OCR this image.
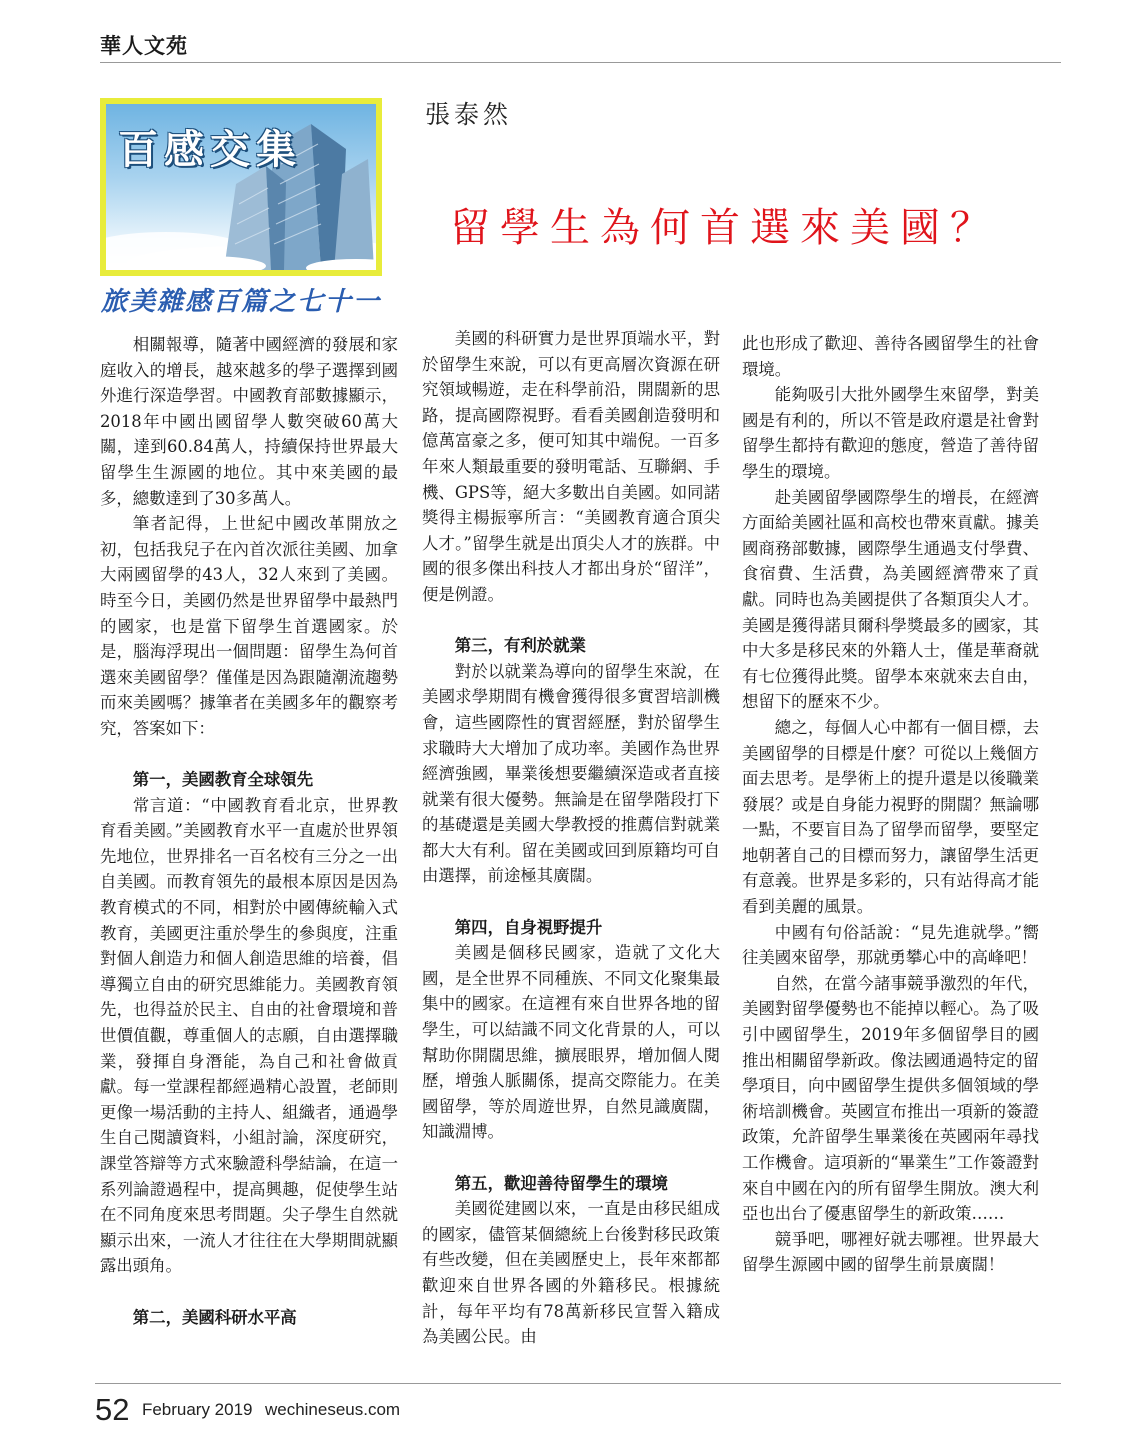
華人文苑
百感交集
旅美雜感百篇之七十一
張泰然
留學生為何首選來美國？

相關報導，隨著中國經濟的發展和家庭收入的增長，越來越多的學子選擇到國外進行深造學習。中國教育部數據顯示，2018年中國出國留學人數突破60萬大關，達到60.84萬人，持續保持世界最大留學生生源國的地位。其中來美國的最多，總數達到了30多萬人。

筆者記得，上世紀中國改革開放之初，包括我兒子在內首次派往美國、加拿大兩國留學的43人，32人來到了美國。時至今日，美國仍然是世界留學中最熱門的國家，也是當下留學生首選國家。於是，腦海浮現出一個問題：留學生為何首選來美國留學？僅僅是因為跟隨潮流趨勢而來美國嗎？據筆者在美國多年的觀察考究，答案如下：

第一，美國教育全球領先

常言道：“中國教育看北京，世界教育看美國。”美國教育水平一直處於世界領先地位，世界排名一百名校有三分之一出自美國。而教育領先的最根本原因是因為教育模式的不同，相對於中國傳統輸入式教育，美國更注重於學生的參與度，注重對個人創造力和個人創造思維的培養，倡導獨立自由的研究思維能力。美國教育領先，也得益於民主、自由的社會環境和普世價值觀，尊重個人的志願，自由選擇職業，發揮自身潛能，為自己和社會做貢獻。每一堂課程都經過精心設置，老師則更像一場活動的主持人、組織者，通過學生自己閱讀資料，小組討論，深度研究，課堂答辯等方式來驗證科學結論，在這一系列論證過程中，提高興趣，促使學生站在不同角度來思考問題。尖子學生自然就顯示出來，一流人才往往在大學期間就顯露出頭角。

第二，美國科研水平高

美國的科研實力是世界頂端水平，對於留學生來說，可以有更高層次資源在研究領域暢遊，走在科學前沿，開闊新的思路，提高國際視野。看看美國創造發明和億萬富豪之多，便可知其中端倪。一百多年來人類最重要的發明電話、互聯網、手機、GPS等，絕大多數出自美國。如同諾獎得主楊振寧所言：“美國教育適合頂尖人才。”留學生就是出頂尖人才的族群。中國的很多傑出科技人才都出身於“留洋”，便是例證。

第三，有利於就業

對於以就業為導向的留學生來說，在美國求學期間有機會獲得很多實習培訓機會，這些國際性的實習經歷，對於留學生求職時大大增加了成功率。美國作為世界經濟強國，畢業後想要繼續深造或者直接就業有很大優勢。無論是在留學階段打下的基礎還是美國大學教授的推薦信對就業都大大有利。留在美國或回到原籍均可自由選擇，前途極其廣闊。

第四，自身視野提升

美國是個移民國家，造就了文化大國，是全世界不同種族、不同文化聚集最集中的國家。在這裡有來自世界各地的留學生，可以結識不同文化背景的人，可以幫助你開闊思維，擴展眼界，增加個人閱歷，增強人脈關係，提高交際能力。在美國留學，等於周遊世界，自然見識廣闊，知識淵博。

第五，歡迎善待留學生的環境

美國從建國以來，一直是由移民組成的國家，儘管某個總統上台後對移民政策有些改變，但在美國歷史上，長年來都都歡迎來自世界各國的外籍移民。根據統計，每年平均有78萬新移民宣誓入籍成為美國公民。由

此也形成了歡迎、善待各國留學生的社會環境。

能夠吸引大批外國學生來留學，對美國是有利的，所以不管是政府還是社會對留學生都持有歡迎的態度，營造了善待留學生的環境。

赴美國留學國際學生的增長，在經濟方面給美國社區和高校也帶來貢獻。據美國商務部數據，國際學生通過支付學費、食宿費、生活費，為美國經濟帶來了貢獻。同時也為美國提供了各類頂尖人才。美國是獲得諾貝爾科學獎最多的國家，其中大多是移民來的外籍人士，僅是華裔就有七位獲得此獎。留學本來就來去自由，想留下的歷來不少。

總之，每個人心中都有一個目標，去美國留學的目標是什麼？可從以上幾個方面去思考。是學術上的提升還是以後職業發展？或是自身能力視野的開闊？無論哪一點，不要盲目為了留學而留學，要堅定地朝著自己的目標而努力，讓留學生活更有意義。世界是多彩的，只有站得高才能看到美麗的風景。

中國有句俗話說：“見先進就學。”嚮往美國來留學，那就勇攀心中的高峰吧！

自然，在當今諸事競爭激烈的年代，美國對留學優勢也不能掉以輕心。為了吸引中國留學生，2019年多個留學目的國推出相關留學新政。像法國通過特定的留學項目，向中國留學生提供多個領域的學術培訓機會。英國宣布推出一項新的簽證政策，允許留學生畢業後在英國兩年尋找工作機會。這項新的“畢業生”工作簽證對來自中國在內的所有留學生開放。澳大利亞也出台了優惠留學生的新政策……

競爭吧，哪裡好就去哪裡。世界最大留學生源國中國的留學生前景廣闊！

52 February 2019 wechineseus.com
